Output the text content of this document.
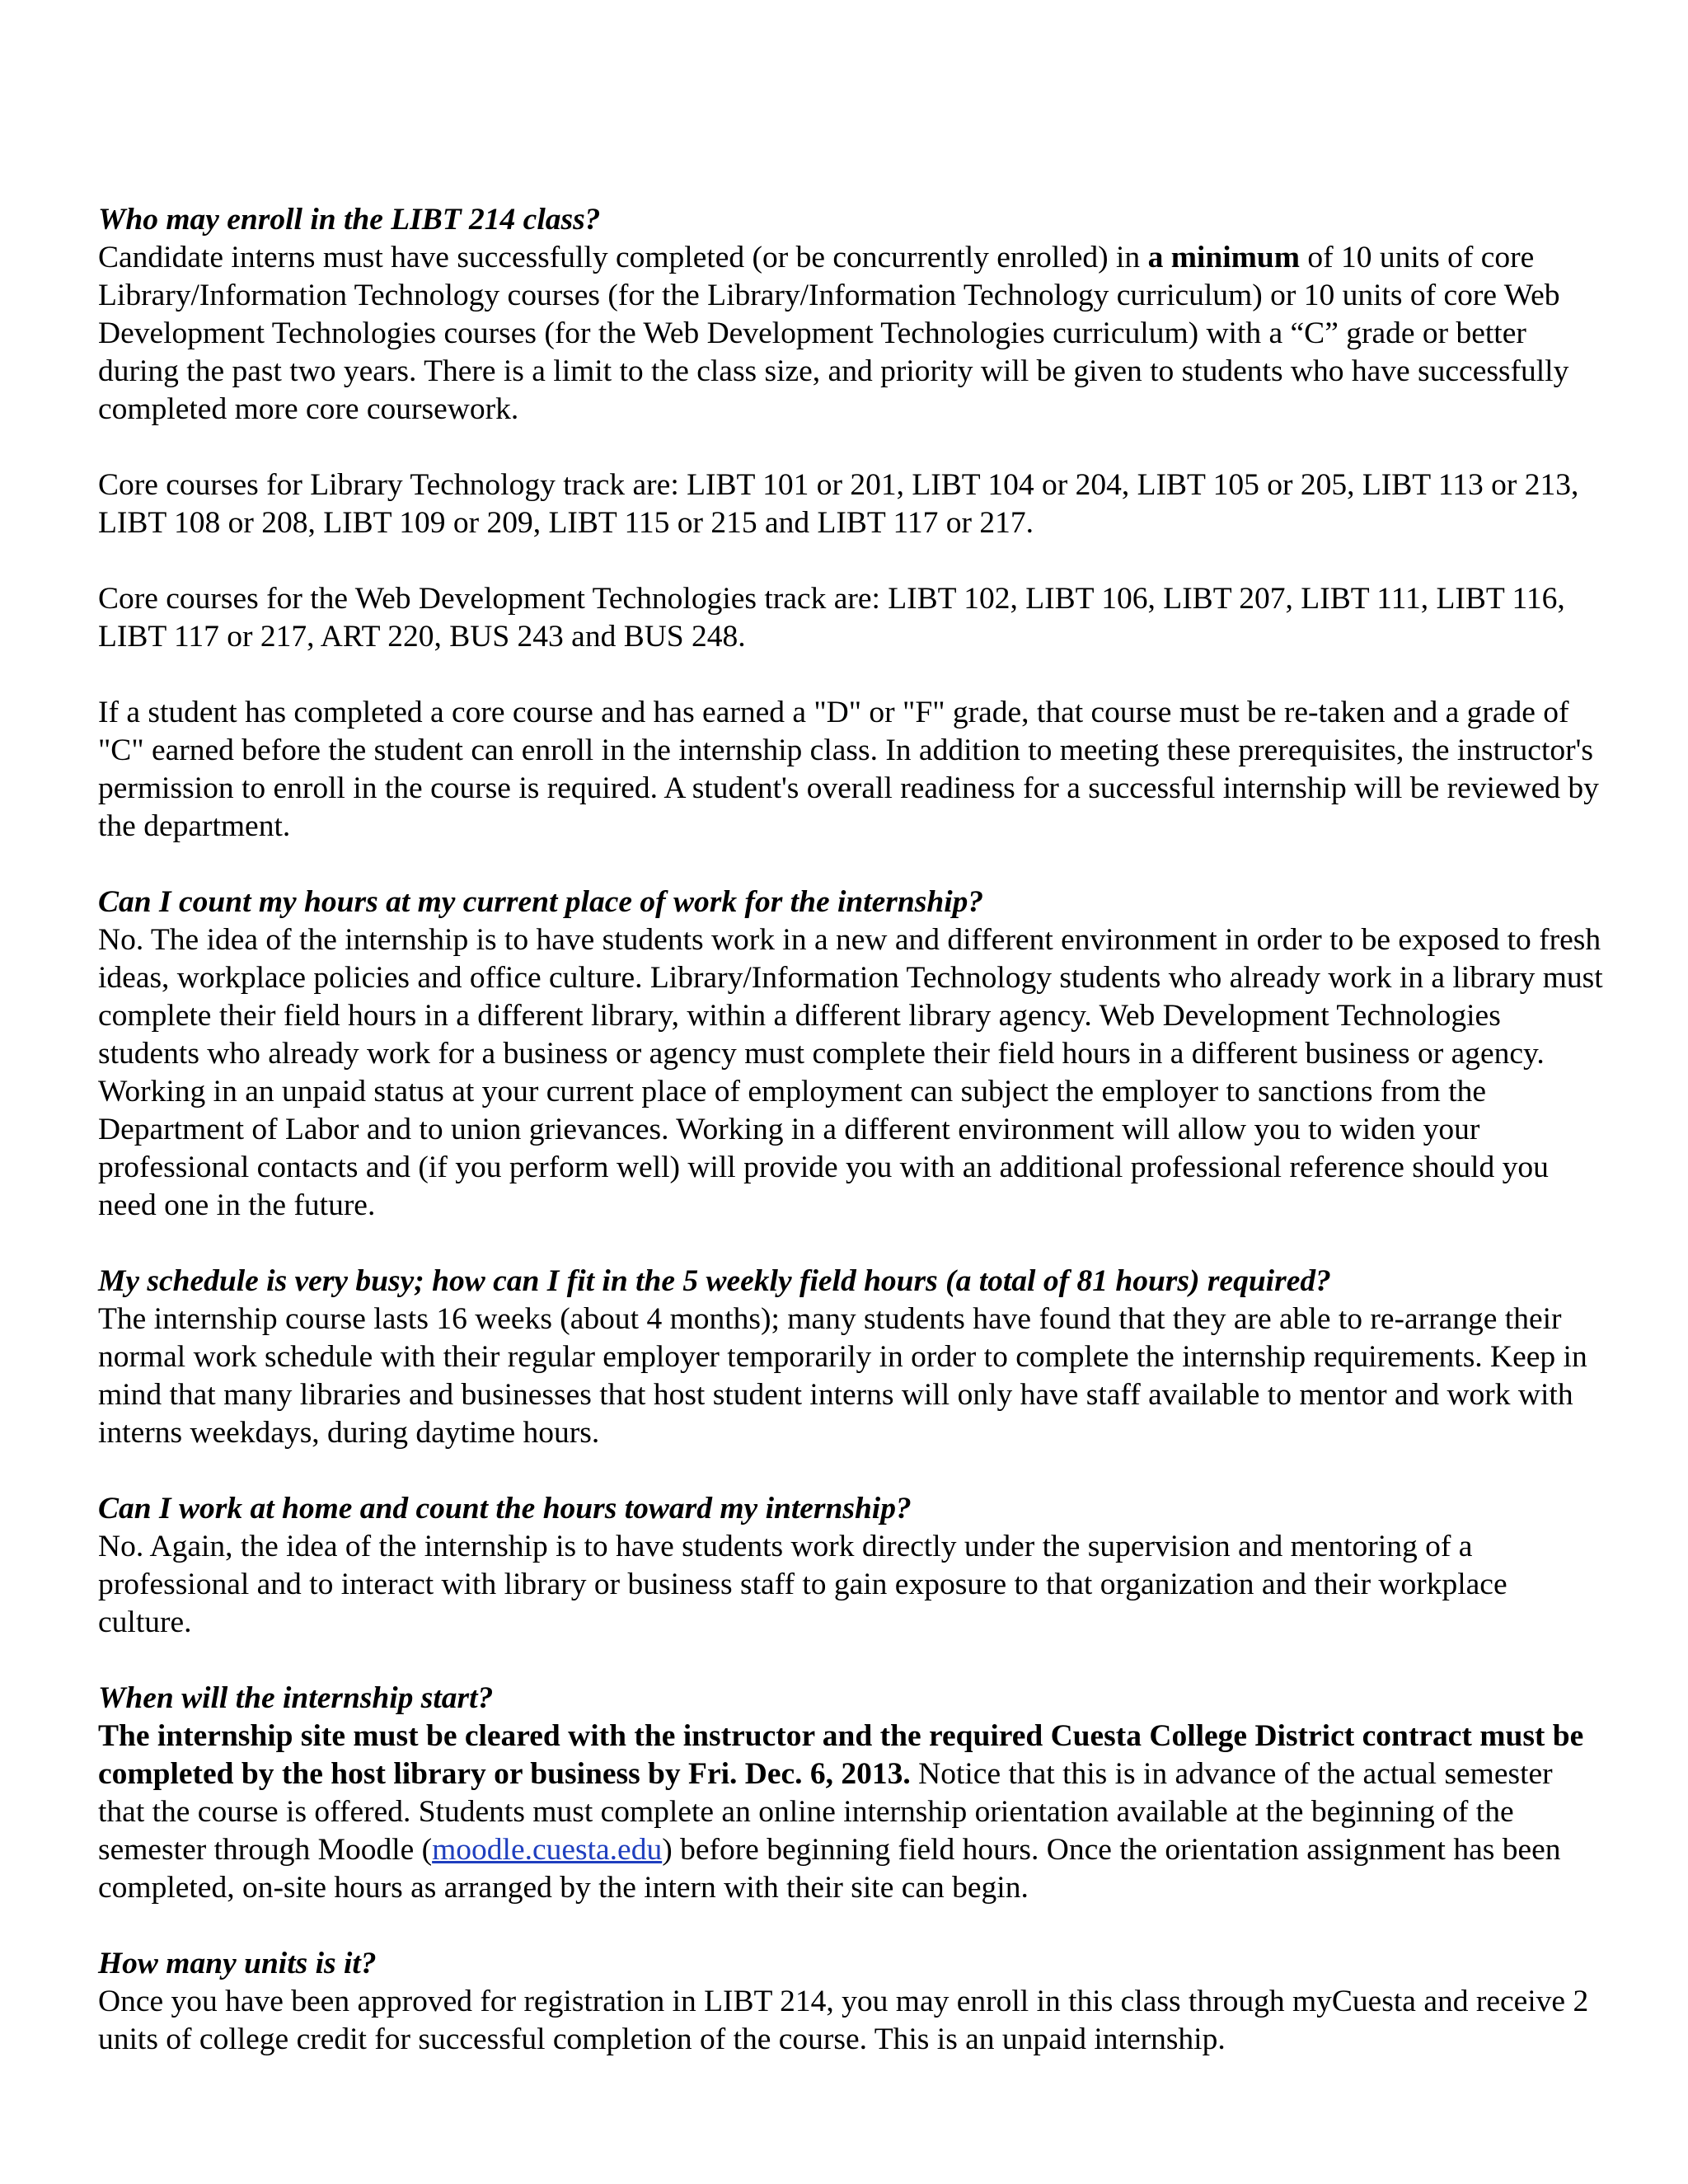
Who may enroll in the LIBT 214 class?

Candidate interns must have successfully completed (or be concurrently enrolled) in a minimum of 10 units of core Library/Information Technology courses (for the Library/Information Technology curriculum) or 10 units of core Web Development Technologies courses (for the Web Development Technologies curriculum) with a “C” grade or better during the past two years. There is a limit to the class size, and priority will be given to students who have successfully completed more core coursework.

Core courses for Library Technology track are: LIBT 101 or 201, LIBT 104 or 204, LIBT 105 or 205, LIBT 113 or 213, LIBT 108 or 208, LIBT 109 or 209, LIBT 115 or 215 and LIBT 117 or 217.

Core courses for the Web Development Technologies track are: LIBT 102, LIBT 106, LIBT 207, LIBT 111, LIBT 116, LIBT 117 or 217, ART 220, BUS 243 and BUS 248.

If a student has completed a core course and has earned a "D" or "F" grade, that course must be re-taken and a grade of "C" earned before the student can enroll in the internship class. In addition to meeting these prerequisites, the instructor's permission to enroll in the course is required. A student's overall readiness for a successful internship will be reviewed by the department.

Can I count my hours at my current place of work for the internship?

No. The idea of the internship is to have students work in a new and different environment in order to be exposed to fresh ideas, workplace policies and office culture. Library/Information Technology students who already work in a library must complete their field hours in a different library, within a different library agency. Web Development Technologies students who already work for a business or agency must complete their field hours in a different business or agency. Working in an unpaid status at your current place of employment can subject the employer to sanctions from the Department of Labor and to union grievances. Working in a different environment will allow you to widen your professional contacts and (if you perform well) will provide you with an additional professional reference should you need one in the future.

My schedule is very busy; how can I fit in the 5 weekly field hours (a total of 81 hours) required?

The internship course lasts 16 weeks (about 4 months); many students have found that they are able to re-arrange their normal work schedule with their regular employer temporarily in order to complete the internship requirements. Keep in mind that many libraries and businesses that host student interns will only have staff available to mentor and work with interns weekdays, during daytime hours.

Can I work at home and count the hours toward my internship?

No. Again, the idea of the internship is to have students work directly under the supervision and mentoring of a professional and to interact with library or business staff to gain exposure to that organization and their workplace culture.

When will the internship start?

The internship site must be cleared with the instructor and the required Cuesta College District contract must be completed by the host library or business by Fri. Dec. 6, 2013. Notice that this is in advance of the actual semester that the course is offered. Students must complete an online internship orientation available at the beginning of the semester through Moodle (moodle.cuesta.edu) before beginning field hours. Once the orientation assignment has been completed, on-site hours as arranged by the intern with their site can begin.

How many units is it?

Once you have been approved for registration in LIBT 214, you may enroll in this class through myCuesta and receive 2 units of college credit for successful completion of the course. This is an unpaid internship.
